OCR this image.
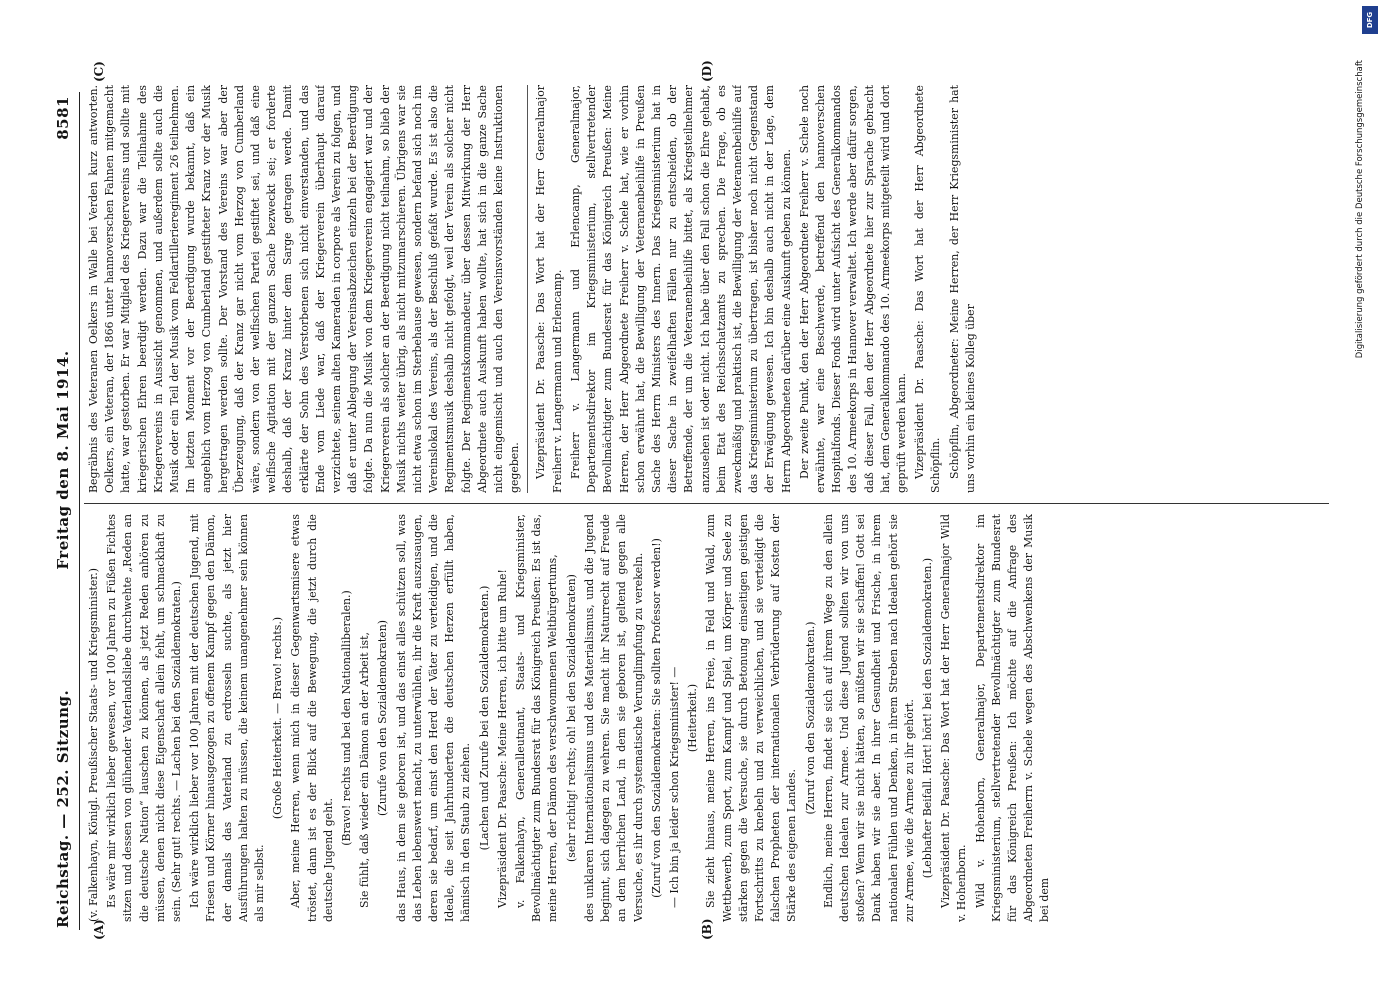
Reichstag. — 252. Sitzung.
Freitag den 8. Mai 1914.
8581
(A)	(B)
(C)	(D)

(v. Falkenhayn, Königl. Preußischer Staats- und Kriegsminister.) Es wäre mir wirklich lieber gewesen, vor 100 Jahren zu Füßen Fichtes sitzen und dessen von glühender Vaterlandsliebe durchwehte „Reden an die deutsche Nation“ lauschen zu können, als jetzt Reden anhören zu müssen, denen nicht diese Eigenschaft allein fehlt, um schmackhaft zu sein. (Sehr gut! rechts. — Lachen bei den Sozialdemokraten.) Ich wäre wirklich lieber vor 100 Jahren mit der deutschen Jugend, mit Friesen und Körner hinausgezogen zu offenem Kampf gegen den Dämon, der damals das Vaterland zu erdrosseln suchte, als jetzt hier Ausführungen halten zu müssen, die keinem unangenehmer sein können als mir selbst.

(Große Heiterkeit. — Bravo! rechts.) Aber, meine Herren, wenn mich in dieser Gegenwartsmisere etwas tröstet, dann ist es der Blick auf die Bewegung, die jetzt durch die deutsche Jugend geht.

(Bravo! rechts und bei den Nationalliberalen.) Sie fühlt, daß wieder ein Dämon an der Arbeit ist, (Zurufe von den Sozialdemokraten) das Haus, in dem sie geboren ist, und das einst alles schützen soll, was das Leben lebenswert macht, zu unterwühlen, ihr die Kraft auszusaugen, deren sie bedarf, um einst den Herd der Väter zu verteidigen, und die Ideale, die seit Jahrhunderten die deutschen Herzen erfüllt haben, hämisch in den Staub zu ziehen. (Lachen und Zurufe bei den Sozialdemokraten.) Vizepräsident Dr. Paasche: Meine Herren, ich bitte um Ruhe! v. Falkenhayn, Generalleutnant, Staats- und Kriegsminister, Bevollmächtigter zum Bundesrat für das Königreich Preußen: Es ist das, meine Herren, der Dämon des verschwommenen Weltbürgertums, (sehr richtig! rechts; oh! bei den Sozialdemokraten) des unklaren Internationalismus und des Materialismus, und die Jugend beginnt, sich dagegen zu wehren. Sie macht ihr Naturrecht auf Freude an dem herrlichen Land, in dem sie geboren ist, geltend gegen alle Versuche, es ihr durch systematische Verunglimpfung zu verekeln. (Zuruf von den Sozialdemokraten: Sie sollten Professor werden!) — Ich bin ja leider schon Kriegsminister! — (Heiterkeit.) Sie zieht hinaus, meine Herren, ins Freie, in Feld und Wald, zum Wettbewerb, zum Sport, zum Kampf und Spiel, um Körper und Seele zu stärken gegen die Versuche, sie durch Betonung einseitigen geistigen Fortschritts zu knebeln und zu verweichlichen, und sie verteidigt die falschen Propheten der internationalen Verbrüderung auf Kosten der Stärke des eigenen Landes.

(Zuruf von den Sozialdemokraten.) Endlich, meine Herren, findet sie sich auf ihrem Wege zu den allein deutschen Idealen zur Armee. Und diese Jugend sollten wir von uns stoßen? Wenn wir sie nicht hätten, so müßten wir sie schaffen! Gott sei Dank haben wir sie aber. In ihrer Gesundheit und Frische, in ihrem nationalen Fühlen und Denken, in ihrem Streben nach Idealen gehört sie zur Armee, wie die Armee zu ihr gehört. (Lebhafter Beifall. Hört! hört! bei den Sozialdemokraten.) Vizepräsident Dr. Paasche: Das Wort hat der Herr Generalmajor Wild v. Hohenborn. Wild v. Hohenborn, Generalmajor, Departementsdirektor im Kriegsministerium, stellvertretender Bevollmächtigter zum Bundesrat für das Königreich Preußen: Ich möchte auf die Anfrage des Abgeordneten Freiherrn v. Schele wegen des Abschwenkens der Musik bei dem

Begräbnis des Veteranen Oelkers in Walle bei Verden kurz antworten. Oelkers, ein Veteran, der 1866 unter hannoverschen Fahnen mitgemacht hatte, war gestorben. Er war Mitglied des Kriegervereins und sollte mit kriegerischen Ehren beerdigt werden. Dazu war die Teilnahme des Kriegervereins in Aussicht genommen, und außerdem sollte auch die Musik oder ein Teil der Musik vom Feldartillerieregiment 26 teilnehmen. Im letzten Moment vor der Beerdigung wurde bekannt, daß ein angeblich vom Herzog von Cumberland gestifteter Kranz vor der Musik hergetragen werden sollte. Der Vorstand des Vereins war aber der Überzeugung, daß der Kranz gar nicht vom Herzog von Cumberland wäre, sondern von der welfischen Partei gestiftet sei, und daß eine welfische Agitation mit der ganzen Sache bezweckt sei; er forderte deshalb, daß der Kranz hinter dem Sarge getragen werde. Damit erklärte der Sohn des Verstorbenen sich nicht einverstanden, und das Ende vom Liede war, daß der Kriegerverein überhaupt darauf verzichtete, seinem alten Kameraden in corpore als Verein zu folgen, und daß er unter Ablegung der Vereinsabzeichen einzeln bei der Beerdigung folgte. Da nun die Musik von dem Kriegerverein engagiert war und der Kriegerverein als solcher an der Beerdigung nicht teilnahm, so blieb der Musik nichts weiter übrig, als nicht mitzumarschieren. Übrigens war sie nicht etwa schon im Sterbehause gewesen, sondern befand sich noch im Vereinslokal des Vereins, als der Beschluß gefaßt wurde. Es ist also die Regimentsmusik deshalb nicht gefolgt, weil der Verein als solcher nicht folgte. Der Regimentskommandeur, über dessen Mitwirkung der Herr Abgeordnete auch Auskunft haben wollte, hat sich in die ganze Sache nicht eingemischt und auch den Vereinsvorständen keine Instruktionen gegeben. Vizepräsident Dr. Paasche: Das Wort hat der Herr Generalmajor Freiherr v. Langermann und Erlencamp. Freiherr v. Langermann und Erlencamp, Generalmajor, Departementsdirektor im Kriegsministerium, stellvertretender Bevollmächtigter zum Bundesrat für das Königreich Preußen: Meine Herren, der Herr Abgeordnete Freiherr v. Schele hat, wie er vorhin schon erwähnt hat, die Bewilligung der Veteranenbeihilfe in Preußen Sache des Herrn Ministers des Innern. Das Kriegsministerium hat in dieser Sache in zweifelhaften Fällen nur zu entscheiden, ob der Betreffende, der um die Veteranenbeihilfe bittet, als Kriegsteilnehmer anzusehen ist oder nicht. Ich habe über den Fall schon die Ehre gehabt, beim Etat des Reichsschatzamts zu sprechen. Die Frage, ob es zweckmäßig und praktisch ist, die Bewilligung der Veteranenbeihilfe auf das Kriegsministerium zu übertragen, ist bisher noch nicht Gegenstand der Erwägung gewesen. Ich bin deshalb auch nicht in der Lage, dem Herrn Abgeordneten darüber eine Auskunft geben zu können. Der zweite Punkt, den der Herr Abgeordnete Freiherr v. Schele noch erwähnte, war eine Beschwerde, betreffend den hannoverschen Hospitalfonds. Dieser Fonds wird unter Aufsicht des Generalkommandos des 10. Armeekorps in Hannover verwaltet. Ich werde aber dafür sorgen, daß dieser Fall, den der Herr Abgeordnete hier zur Sprache gebracht hat, dem Generalkommando des 10. Armeekorps mitgeteilt wird und dort geprüft werden kann. Vizepräsident Dr. Paasche: Das Wort hat der Herr Abgeordnete Schöpflin. Schöpflin, Abgeordneter: Meine Herren, der Herr Kriegsminister hat uns vorhin ein kleines Kolleg über

Digitalisierung gefördert durch die Deutsche Forschungsgemeinschaft
DFG
